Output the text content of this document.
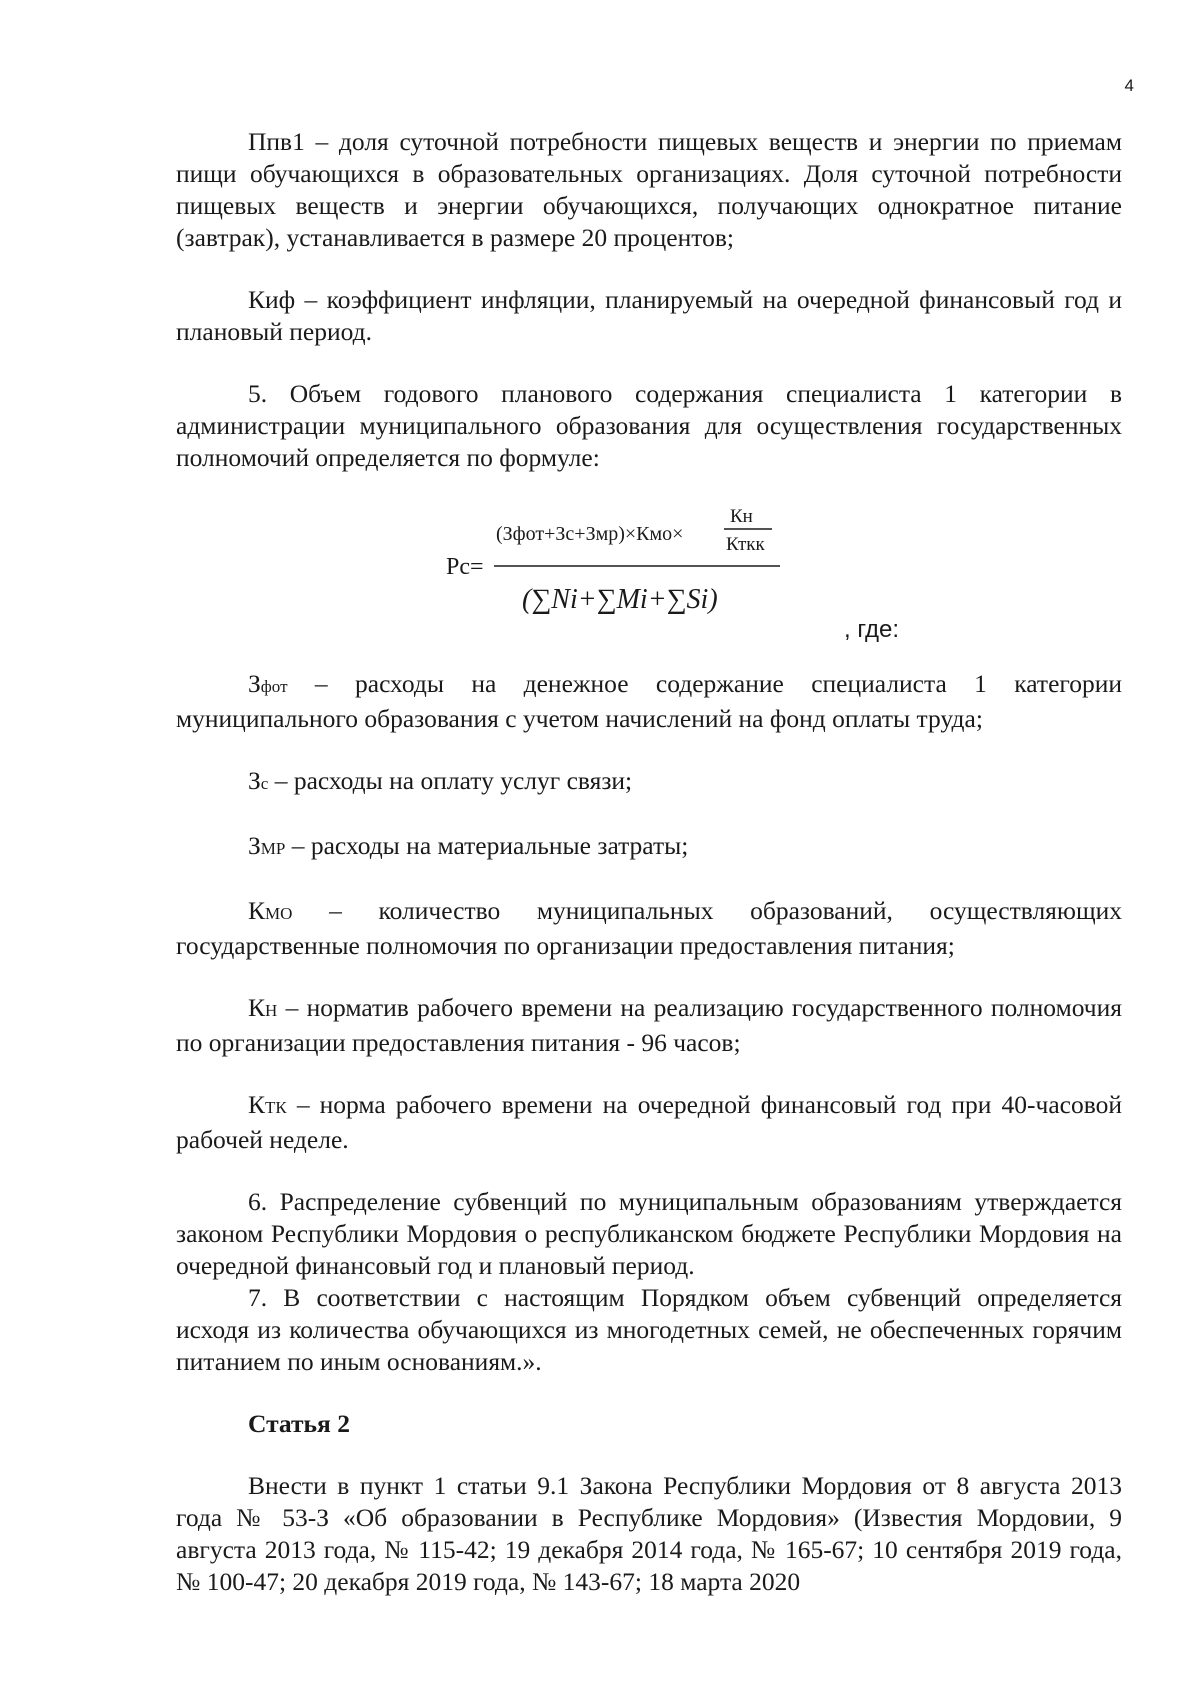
4

Ппв1 – доля суточной потребности пищевых веществ и энергии по приемам пищи обучающихся в образовательных организациях. Доля суточной потребности пищевых веществ и энергии обучающихся, получающих однократное питание (завтрак), устанавливается в размере 20 процентов;

Киф – коэффициент инфляции, планируемый на очередной финансовый год и плановый период.

5. Объем годового планового содержания специалиста 1 категории в администрации муниципального образования для осуществления государственных полномочий определяется по формуле:

Pc=
(Зфот+Зс+Змр)×Кмо×
Кн
Кткк
(∑Ni+∑Mi+∑Si)
, где:

Зфот – расходы на денежное содержание специалиста 1 категории муниципального образования с учетом начислений на фонд оплаты труда;

Зс – расходы на оплату услуг связи;

ЗМР – расходы на материальные затраты;

КМО – количество муниципальных образований, осуществляющих государственные полномочия по организации предоставления питания;

КН – норматив рабочего времени на реализацию государственного полномочия по организации предоставления питания - 96 часов;

КТК – норма рабочего времени на очередной финансовый год при 40-часовой рабочей неделе.

6. Распределение субвенций по муниципальным образованиям утверждается законом Республики Мордовия о республиканском бюджете Республики Мордовия на очередной финансовый год и плановый период.

7. В соответствии с настоящим Порядком объем субвенций определяется исходя из количества обучающихся из многодетных семей, не обеспеченных горячим питанием по иным основаниям.».

Статья 2

Внести в пункт 1 статьи 9.1 Закона Республики Мордовия от 8 августа 2013 года № 53-З «Об образовании в Республике Мордовия» (Известия Мордовии, 9 августа 2013 года, № 115-42; 19 декабря 2014 года, № 165-67; 10 сентября 2019 года, № 100-47; 20 декабря 2019 года, № 143-67; 18 марта 2020
